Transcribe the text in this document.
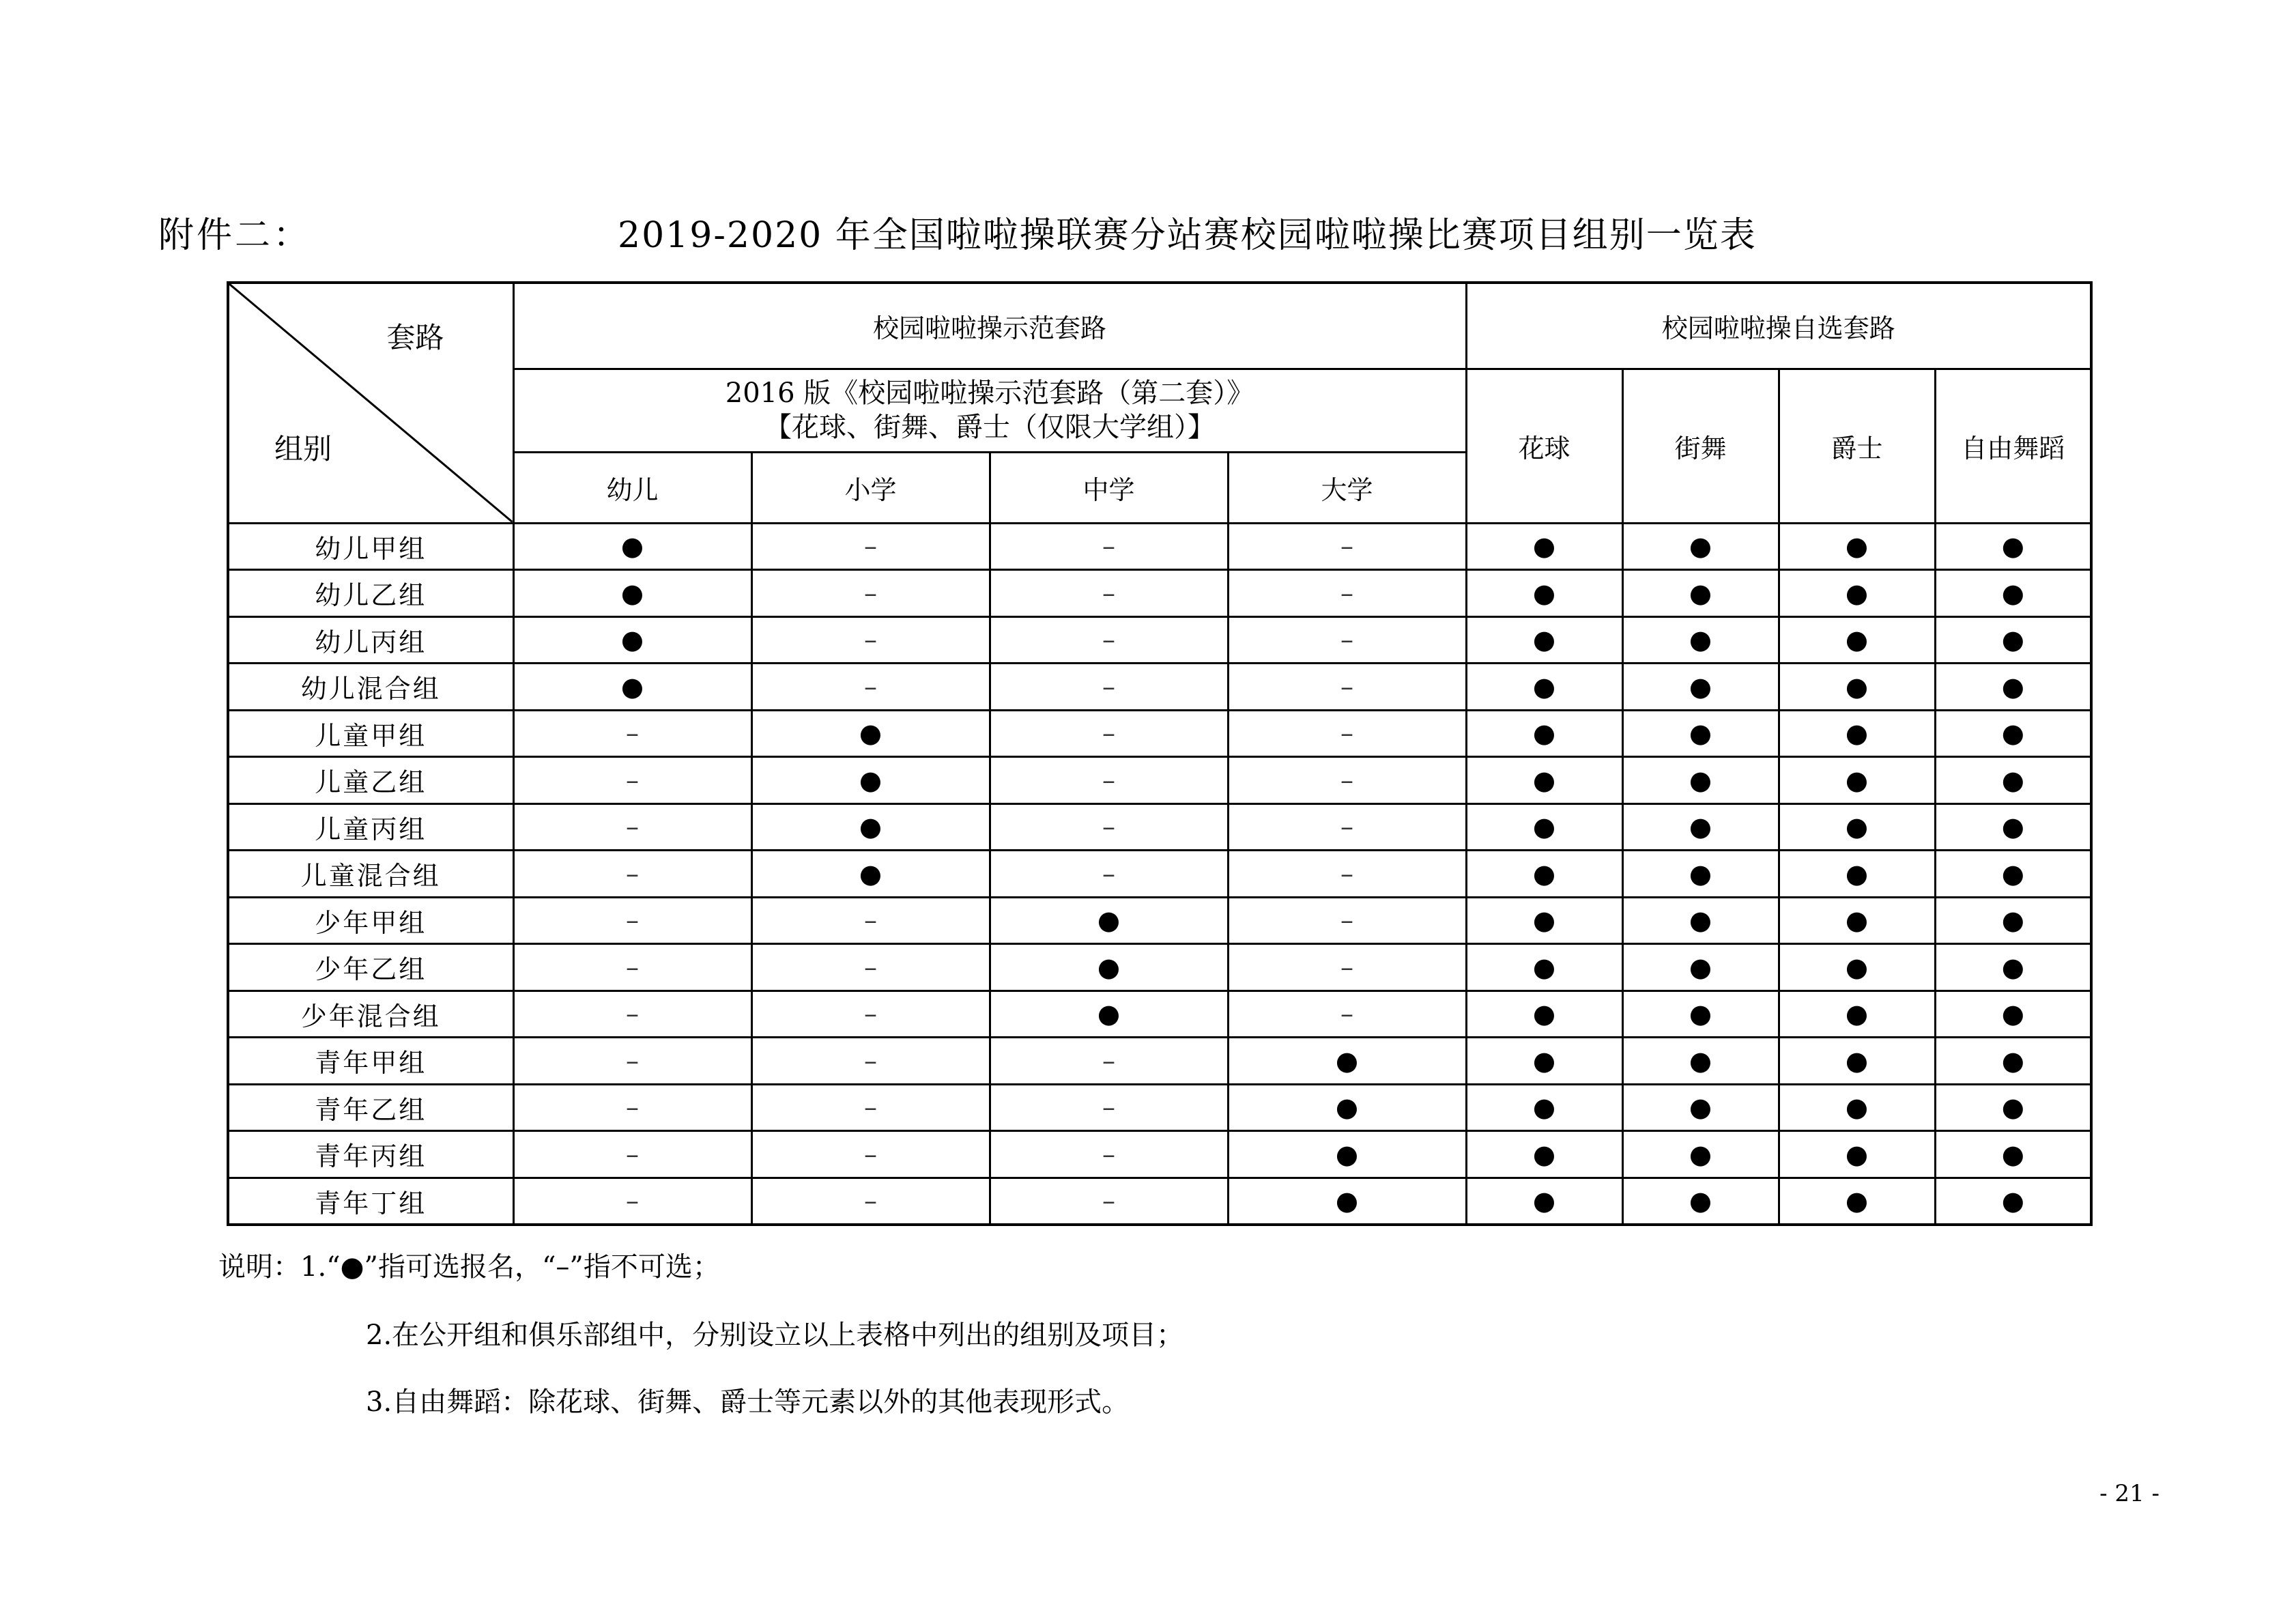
附件二：	2019-2020 年全国啦啦操联赛分站赛校园啦啦操比赛项目组别一览表
套路
组别	校园啦啦操示范套路				校园啦啦操自选套路			

	2016 版《校园啦啦操示范套路（第二套）》
【花球、街舞、爵士（仅限大学组）】				花球	街舞	爵士	自由舞蹈
	幼儿	小学	中学	大学				
幼儿甲组	●	–	–	–	●	●	●	●
幼儿乙组	●	–	–	–	●	●	●	●
幼儿丙组	●	–	–	–	●	●	●	●
幼儿混合组	●	–	–	–	●	●	●	●
儿童甲组	–	●	–	–	●	●	●	●
儿童乙组	–	●	–	–	●	●	●	●
儿童丙组	–	●	–	–	●	●	●	●
儿童混合组	–	●	–	–	●	●	●	●
少年甲组	–	–	●	–	●	●	●	●
少年乙组	–	–	●	–	●	●	●	●
少年混合组	–	–	●	–	●	●	●	●
青年甲组	–	–	–	●	●	●	●	●
青年乙组	–	–	–	●	●	●	●	●
青年丙组	–	–	–	●	●	●	●	●
青年丁组	–	–	–	●	●	●	●	●
说明：1.“●”指可选报名，“–”指不可选；
2.在公开组和俱乐部组中，分别设立以上表格中列出的组别及项目；
3.自由舞蹈：除花球、街舞、爵士等元素以外的其他表现形式。
- 21 -
